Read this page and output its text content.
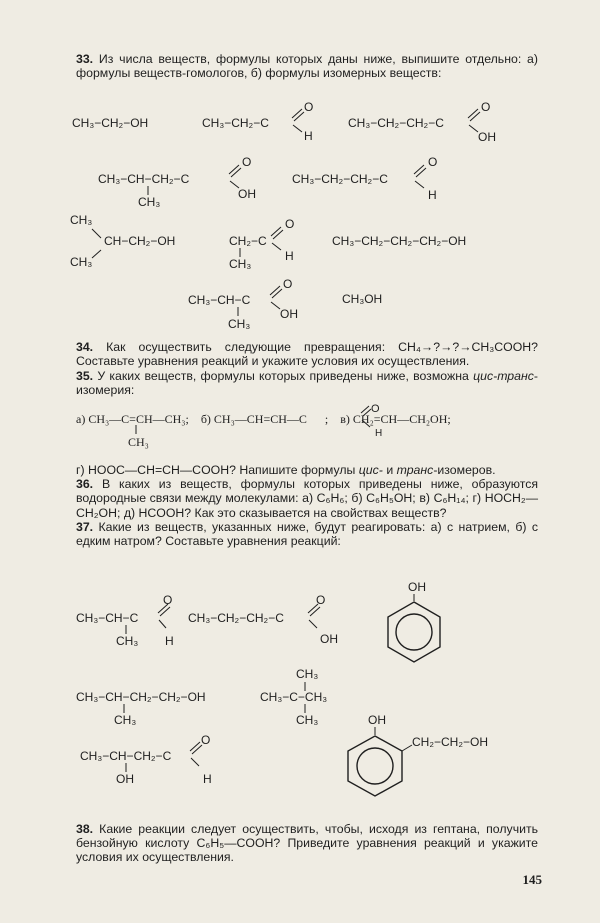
33. Из числа веществ, формулы которых даны ниже, выпишите отдельно: а) формулы веществ-гомологов, б) формулы изомерных веществ:

CH₃−CH₂−OH	CH₃−CH₂−C
O
H
CH₃−CH₂−CH₂−C
O
OH
CH₃−CH−CH₂−C
CH₃
O
OH
CH₃−CH₂−CH₂−C
O
H
CH₃
CH−CH₂−OH
CH₃
CH₂−C
CH₃
O
H
CH₃−CH₂−CH₂−CH₂−OH
CH₃−CH−C
CH₃
O
OH
CH₃OH

34. Как осуществить следующие превращения: CH₄→?→?→CH₃COOH? Составьте уравнения реакций и укажите условия их осуществления.

35. У каких веществ, формулы которых приведены ниже, возможна цис-транс-изомерия:

а) CH₃—C=CH—CH₃; б) CH₃—CH=CH—C ; в) CH₂=CH—CH₂OH;
CH₃
O
H

г) HOOC—CH=CH—COOH? Напишите формулы цис- и транс-изомеров.

36. В каких из веществ, формулы которых приведены ниже, образуются водородные связи между молекулами: а) C₆H₆; б) C₆H₅OH; в) C₆H₁₄; г) HOCH₂—CH₂OH; д) HCOOH? Как это сказывается на свойствах веществ?

37. Какие из веществ, указанных ниже, будут реагировать: а) с натрием, б) с едким натром? Составьте уравнения реакций:

CH₃−CH−C
CH₃
O
H
CH₃−CH₂−CH₂−C
O
OH
OH
CH₃−CH−CH₂−CH₂−OH
CH₃
CH₃
CH₃−C−CH₃
CH₃
CH₃−CH−CH₂−C
OH
O
H
OH
CH₂−CH₂−OH

38. Какие реакции следует осуществить, чтобы, исходя из гептана, получить бензойную кислоту C₆H₅—COOH? Приведите уравнения реакций и укажите условия их осуществления.

145
